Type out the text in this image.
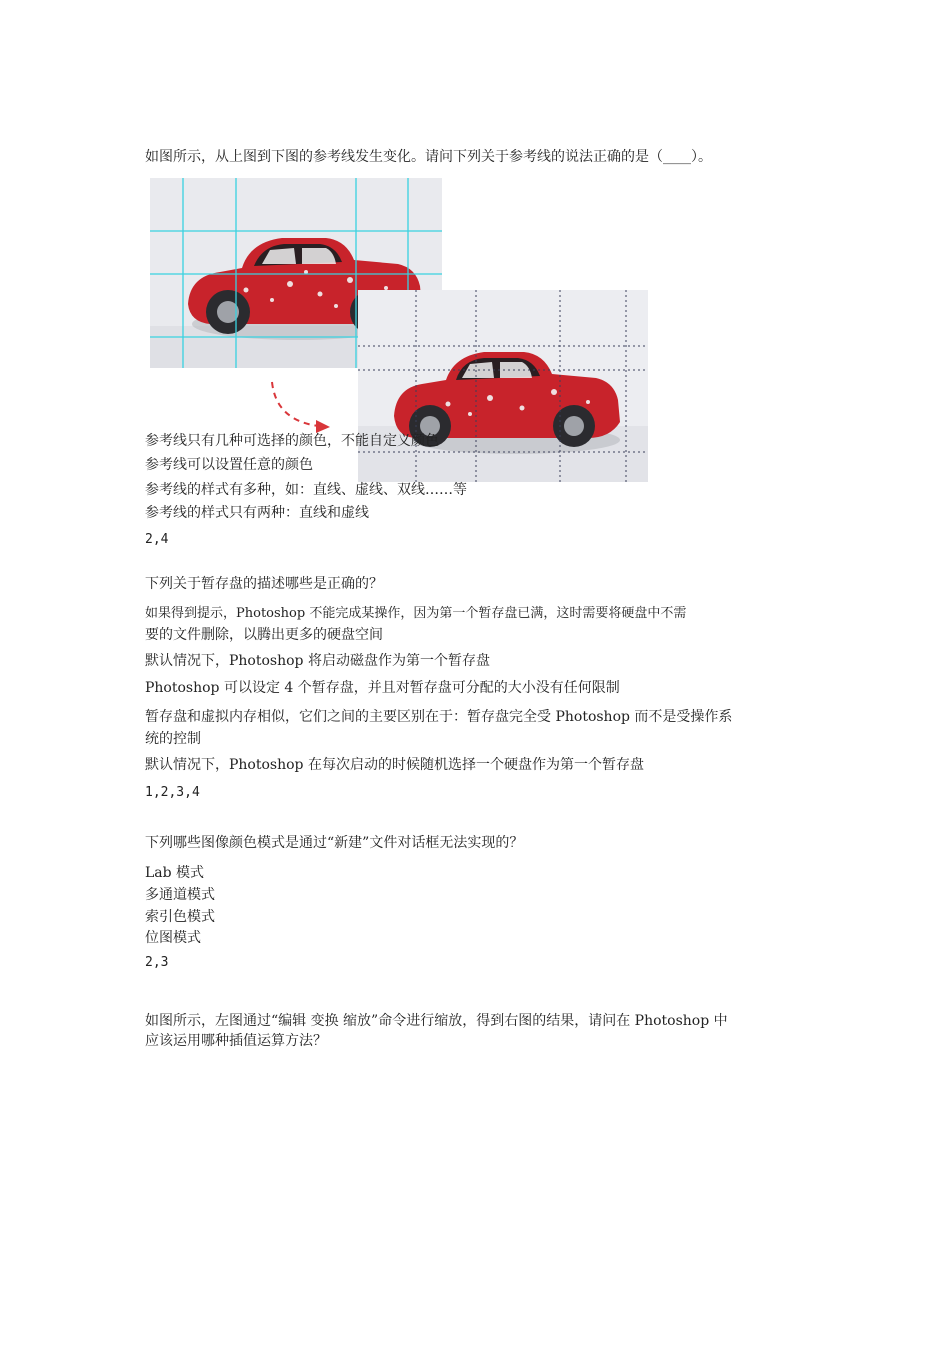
如图所示，从上图到下图的参考线发生变化。请问下列关于参考线的说法正确的是（____）。
参考线只有几种可选择的颜色，不能自定义颜色
参考线可以设置任意的颜色
参考线的样式有多种，如：直线、虚线、双线……等
参考线的样式只有两种：直线和虚线
2,4
下列关于暂存盘的描述哪些是正确的？
如果得到提示，Photoshop 不能完成某操作，因为第一个暂存盘已满，这时需要将硬盘中不需
要的文件删除，以腾出更多的硬盘空间
默认情况下，Photoshop 将启动磁盘作为第一个暂存盘
Photoshop 可以设定 4 个暂存盘，并且对暂存盘可分配的大小没有任何限制
暂存盘和虚拟内存相似，它们之间的主要区别在于：暂存盘完全受 Photoshop 而不是受操作系
统的控制
默认情况下，Photoshop 在每次启动的时候随机选择一个硬盘作为第一个暂存盘
1,2,3,4
下列哪些图像颜色模式是通过“新建”文件对话框无法实现的？
Lab 模式
多通道模式
索引色模式
位图模式
2,3
如图所示，左图通过“编辑 变换 缩放”命令进行缩放，得到右图的结果，请问在 Photoshop 中
应该运用哪种插值运算方法？
